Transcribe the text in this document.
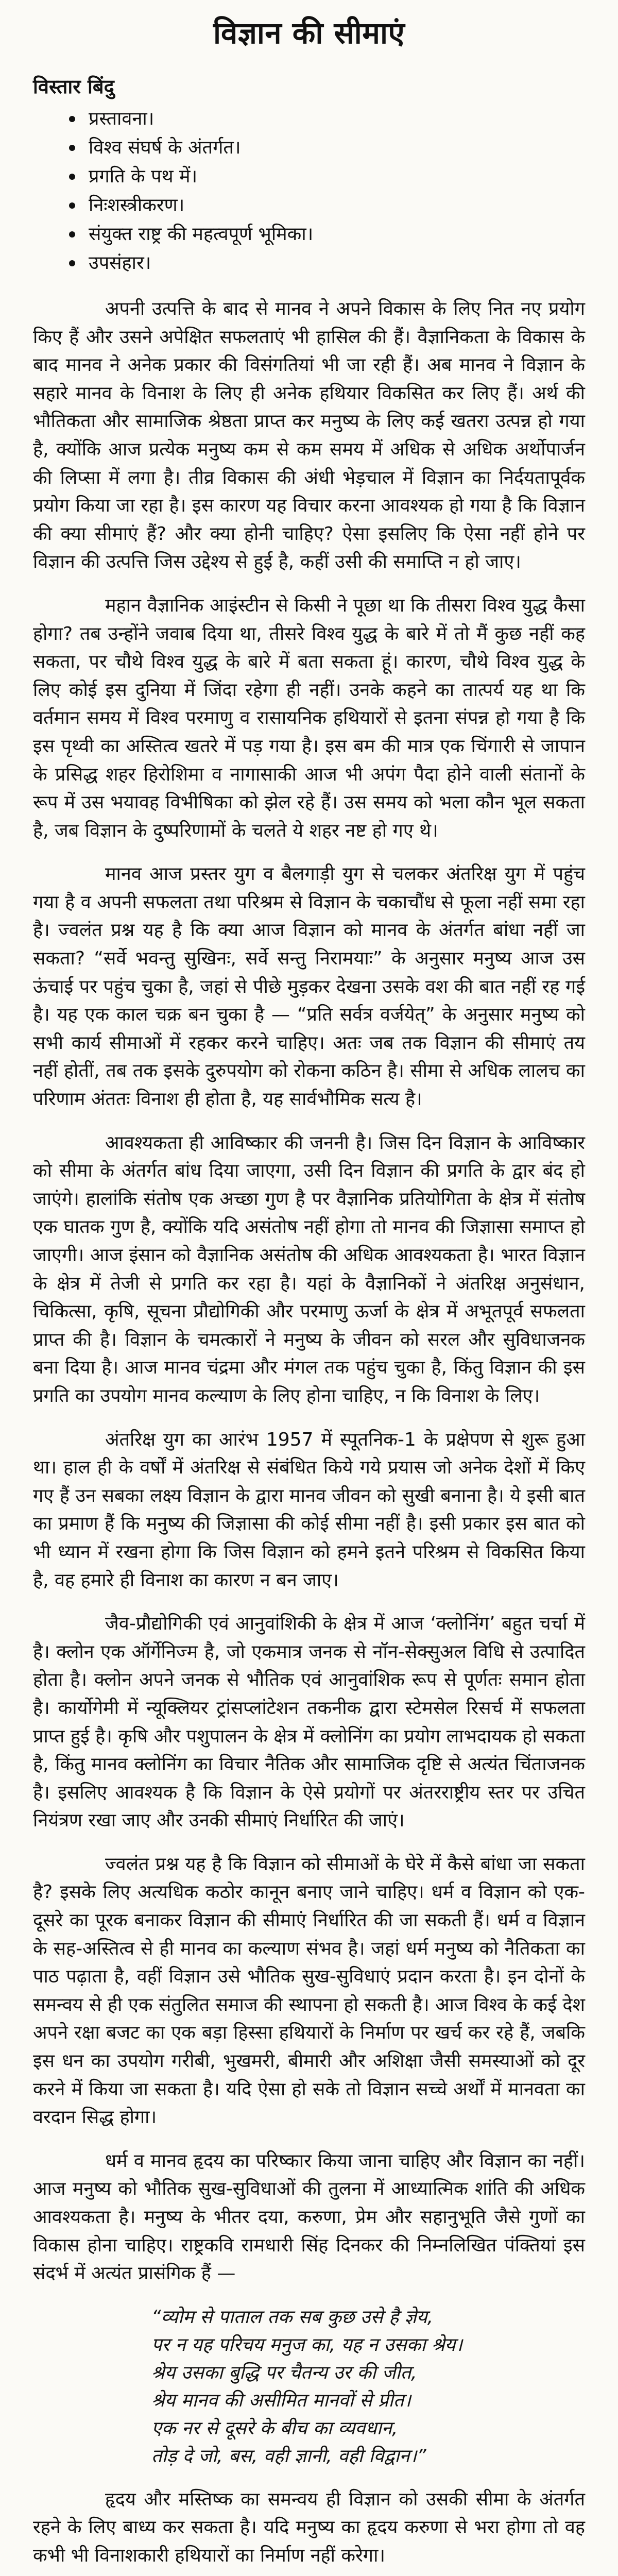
विज्ञान की सीमाएं
विस्तार बिंदु
प्रस्तावना।
विश्व संघर्ष के अंतर्गत।
प्रगति के पथ में।
निःशस्त्रीकरण।
संयुक्त राष्ट्र की महत्वपूर्ण भूमिका।
उपसंहार।

अपनी उत्पत्ति के बाद से मानव ने अपने विकास के लिए नित नए प्रयोग किए हैं और उसने अपेक्षित सफलताएं भी हासिल की हैं। वैज्ञानिकता के विकास के बाद मानव ने अनेक प्रकार की विसंगतियां भी जा रही हैं। अब मानव ने विज्ञान के सहारे मानव के विनाश के लिए ही अनेक हथियार विकसित कर लिए हैं। अर्थ की भौतिकता और सामाजिक श्रेष्ठता प्राप्त कर मनुष्य के लिए कई खतरा उत्पन्न हो गया है, क्योंकि आज प्रत्येक मनुष्य कम से कम समय में अधिक से अधिक अर्थोपार्जन की लिप्सा में लगा है। तीव्र विकास की अंधी भेड़चाल में विज्ञान का निर्दयतापूर्वक प्रयोग किया जा रहा है। इस कारण यह विचार करना आवश्यक हो गया है कि विज्ञान की क्या सीमाएं हैं? और क्या होनी चाहिए? ऐसा इसलिए कि ऐसा नहीं होने पर विज्ञान की उत्पत्ति जिस उद्देश्य से हुई है, कहीं उसी की समाप्ति न हो जाए।

महान वैज्ञानिक आइंस्टीन से किसी ने पूछा था कि तीसरा विश्व युद्ध कैसा होगा? तब उन्होंने जवाब दिया था, तीसरे विश्व युद्ध के बारे में तो मैं कुछ नहीं कह सकता, पर चौथे विश्व युद्ध के बारे में बता सकता हूं। कारण, चौथे विश्व युद्ध के लिए कोई इस दुनिया में जिंदा रहेगा ही नहीं। उनके कहने का तात्पर्य यह था कि वर्तमान समय में विश्व परमाणु व रासायनिक हथियारों से इतना संपन्न हो गया है कि इस पृथ्वी का अस्तित्व खतरे में पड़ गया है। इस बम की मात्र एक चिंगारी से जापान के प्रसिद्ध शहर हिरोशिमा व नागासाकी आज भी अपंग पैदा होने वाली संतानों के रूप में उस भयावह विभीषिका को झेल रहे हैं। उस समय को भला कौन भूल सकता है, जब विज्ञान के दुष्परिणामों के चलते ये शहर नष्ट हो गए थे।

मानव आज प्रस्तर युग व बैलगाड़ी युग से चलकर अंतरिक्ष युग में पहुंच गया है व अपनी सफलता तथा परिश्रम से विज्ञान के चकाचौंध से फूला नहीं समा रहा है। ज्वलंत प्रश्न यह है कि क्या आज विज्ञान को मानव के अंतर्गत बांधा नहीं जा सकता? “सर्वे भवन्तु सुखिनः, सर्वे सन्तु निरामयाः” के अनुसार मनुष्य आज उस ऊंचाई पर पहुंच चुका है, जहां से पीछे मुड़कर देखना उसके वश की बात नहीं रह गई है। यह एक काल चक्र बन चुका है — “प्रति सर्वत्र वर्जयेत्” के अनुसार मनुष्य को सभी कार्य सीमाओं में रहकर करने चाहिए। अतः जब तक विज्ञान की सीमाएं तय नहीं होतीं, तब तक इसके दुरुपयोग को रोकना कठिन है। सीमा से अधिक लालच का परिणाम अंततः विनाश ही होता है, यह सार्वभौमिक सत्य है।

आवश्यकता ही आविष्कार की जननी है। जिस दिन विज्ञान के आविष्कार को सीमा के अंतर्गत बांध दिया जाएगा, उसी दिन विज्ञान की प्रगति के द्वार बंद हो जाएंगे। हालांकि संतोष एक अच्छा गुण है पर वैज्ञानिक प्रतियोगिता के क्षेत्र में संतोष एक घातक गुण है, क्योंकि यदि असंतोष नहीं होगा तो मानव की जिज्ञासा समाप्त हो जाएगी। आज इंसान को वैज्ञानिक असंतोष की अधिक आवश्यकता है। भारत विज्ञान के क्षेत्र में तेजी से प्रगति कर रहा है। यहां के वैज्ञानिकों ने अंतरिक्ष अनुसंधान, चिकित्सा, कृषि, सूचना प्रौद्योगिकी और परमाणु ऊर्जा के क्षेत्र में अभूतपूर्व सफलता प्राप्त की है। विज्ञान के चमत्कारों ने मनुष्य के जीवन को सरल और सुविधाजनक बना दिया है। आज मानव चंद्रमा और मंगल तक पहुंच चुका है, किंतु विज्ञान की इस प्रगति का उपयोग मानव कल्याण के लिए होना चाहिए, न कि विनाश के लिए।

अंतरिक्ष युग का आरंभ 1957 में स्पूतनिक-1 के प्रक्षेपण से शुरू हुआ था। हाल ही के वर्षों में अंतरिक्ष से संबंधित किये गये प्रयास जो अनेक देशों में किए गए हैं उन सबका लक्ष्य विज्ञान के द्वारा मानव जीवन को सुखी बनाना है। ये इसी बात का प्रमाण हैं कि मनुष्य की जिज्ञासा की कोई सीमा नहीं है। इसी प्रकार इस बात को भी ध्यान में रखना होगा कि जिस विज्ञान को हमने इतने परिश्रम से विकसित किया है, वह हमारे ही विनाश का कारण न बन जाए।

जैव-प्रौद्योगिकी एवं आनुवांशिकी के क्षेत्र में आज ‘क्लोनिंग’ बहुत चर्चा में है। क्लोन एक ऑर्गेनिज्म है, जो एकमात्र जनक से नॉन-सेक्सुअल विधि से उत्पादित होता है। क्लोन अपने जनक से भौतिक एवं आनुवांशिक रूप से पूर्णतः समान होता है। कार्योगेमी में न्यूक्लियर ट्रांसप्लांटेशन तकनीक द्वारा स्टेमसेल रिसर्च में सफलता प्राप्त हुई है। कृषि और पशुपालन के क्षेत्र में क्लोनिंग का प्रयोग लाभदायक हो सकता है, किंतु मानव क्लोनिंग का विचार नैतिक और सामाजिक दृष्टि से अत्यंत चिंताजनक है। इसलिए आवश्यक है कि विज्ञान के ऐसे प्रयोगों पर अंतरराष्ट्रीय स्तर पर उचित नियंत्रण रखा जाए और उनकी सीमाएं निर्धारित की जाएं।

ज्वलंत प्रश्न यह है कि विज्ञान को सीमाओं के घेरे में कैसे बांधा जा सकता है? इसके लिए अत्यधिक कठोर कानून बनाए जाने चाहिए। धर्म व विज्ञान को एक-दूसरे का पूरक बनाकर विज्ञान की सीमाएं निर्धारित की जा सकती हैं। धर्म व विज्ञान के सह-अस्तित्व से ही मानव का कल्याण संभव है। जहां धर्म मनुष्य को नैतिकता का पाठ पढ़ाता है, वहीं विज्ञान उसे भौतिक सुख-सुविधाएं प्रदान करता है। इन दोनों के समन्वय से ही एक संतुलित समाज की स्थापना हो सकती है। आज विश्व के कई देश अपने रक्षा बजट का एक बड़ा हिस्सा हथियारों के निर्माण पर खर्च कर रहे हैं, जबकि इस धन का उपयोग गरीबी, भुखमरी, बीमारी और अशिक्षा जैसी समस्याओं को दूर करने में किया जा सकता है। यदि ऐसा हो सके तो विज्ञान सच्चे अर्थों में मानवता का वरदान सिद्ध होगा।

धर्म व मानव हृदय का परिष्कार किया जाना चाहिए और विज्ञान का नहीं। आज मनुष्य को भौतिक सुख-सुविधाओं की तुलना में आध्यात्मिक शांति की अधिक आवश्यकता है। मनुष्य के भीतर दया, करुणा, प्रेम और सहानुभूति जैसे गुणों का विकास होना चाहिए। राष्ट्रकवि रामधारी सिंह दिनकर की निम्नलिखित पंक्तियां इस संदर्भ में अत्यंत प्रासंगिक हैं —

“व्योम से पाताल तक सब कुछ उसे है ज्ञेय,
पर न यह परिचय मनुज का, यह न उसका श्रेय।
श्रेय उसका बुद्धि पर चैतन्य उर की जीत,
श्रेय मानव की असीमित मानवों से प्रीत।
एक नर से दूसरे के बीच का व्यवधान,
तोड़ दे जो, बस, वही ज्ञानी, वही विद्वान।”

हृदय और मस्तिष्क का समन्वय ही विज्ञान को उसकी सीमा के अंतर्गत रहने के लिए बाध्य कर सकता है। यदि मनुष्य का हृदय करुणा से भरा होगा तो वह कभी भी विनाशकारी हथियारों का निर्माण नहीं करेगा।
